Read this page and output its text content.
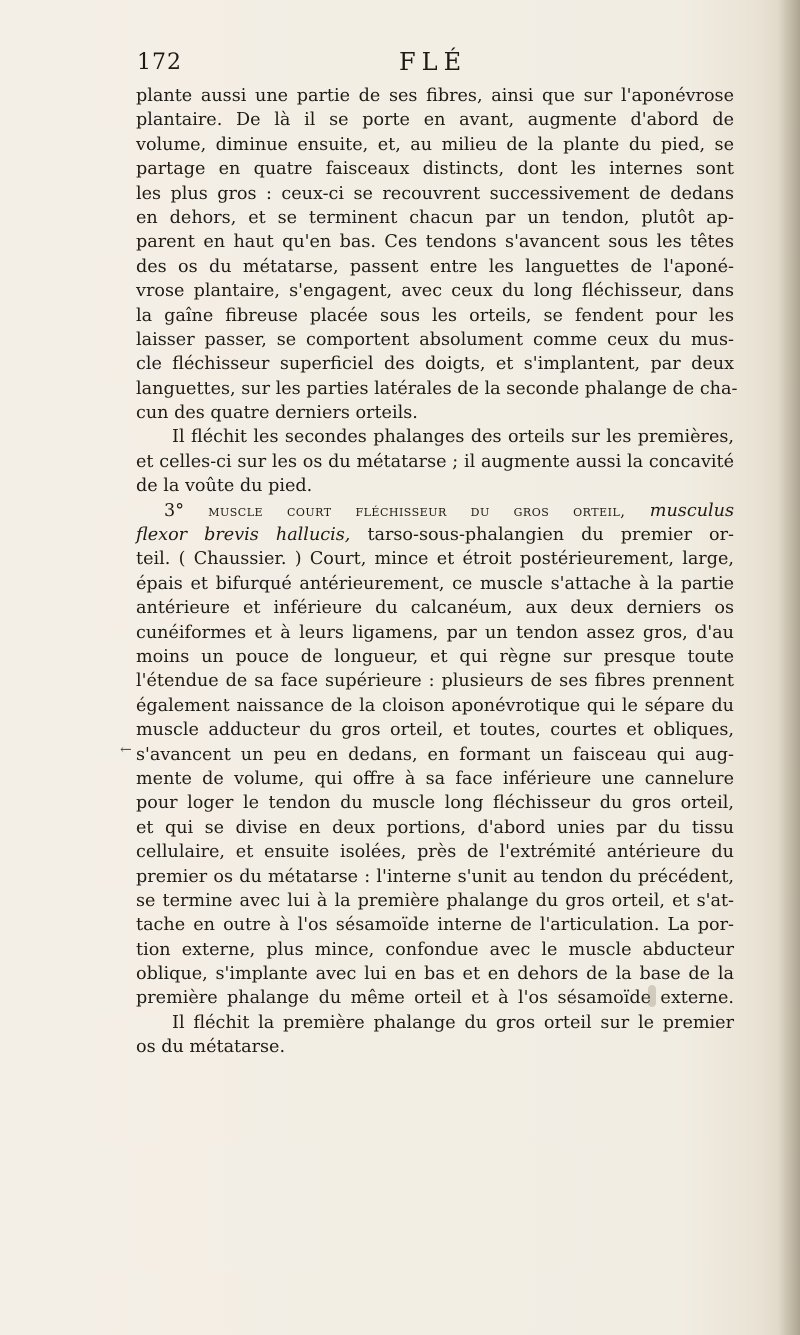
172	FLÉ
plante aussi une partie de ses fibres, ainsi que sur l'aponévrose
plantaire. De là il se porte en avant, augmente d'abord de
volume, diminue ensuite, et, au milieu de la plante du pied, se
partage en quatre faisceaux distincts, dont les internes sont
les plus gros : ceux-ci se recouvrent successivement de dedans
en dehors, et se terminent chacun par un tendon, plutôt ap-
parent en haut qu'en bas. Ces tendons s'avancent sous les têtes
des os du métatarse, passent entre les languettes de l'aponé-
vrose plantaire, s'engagent, avec ceux du long fléchisseur, dans
la gaîne fibreuse placée sous les orteils, se fendent pour les
laisser passer, se comportent absolument comme ceux du mus-
cle fléchisseur superficiel des doigts, et s'implantent, par deux
languettes, sur les parties latérales de la seconde phalange de cha-
cun des quatre derniers orteils.
Il fléchit les secondes phalanges des orteils sur les premières,
et celles-ci sur les os du métatarse ; il augmente aussi la concavité
de la voûte du pied.
3° muscle court fléchisseur du gros orteil, musculus
flexor brevis hallucis, tarso-sous-phalangien du premier or-
teil. ( Chaussier. ) Court, mince et étroit postérieurement, large,
épais et bifurqué antérieurement, ce muscle s'attache à la partie
antérieure et inférieure du calcanéum, aux deux derniers os
cunéiformes et à leurs ligamens, par un tendon assez gros, d'au
moins un pouce de longueur, et qui règne sur presque toute
l'étendue de sa face supérieure : plusieurs de ses fibres prennent
également naissance de la cloison aponévrotique qui le sépare du
muscle adducteur du gros orteil, et toutes, courtes et obliques,
s'avancent un peu en dedans, en formant un faisceau qui aug-
mente de volume, qui offre à sa face inférieure une cannelure
pour loger le tendon du muscle long fléchisseur du gros orteil,
et qui se divise en deux portions, d'abord unies par du tissu
cellulaire, et ensuite isolées, près de l'extrémité antérieure du
premier os du métatarse : l'interne s'unit au tendon du précédent,
se termine avec lui à la première phalange du gros orteil, et s'at-
tache en outre à l'os sésamoïde interne de l'articulation. La por-
tion externe, plus mince, confondue avec le muscle abducteur
oblique, s'implante avec lui en bas et en dehors de la base de la
première phalange du même orteil et à l'os sésamoïde externe.
Il fléchit la première phalange du gros orteil sur le premier
os du métatarse.
←
